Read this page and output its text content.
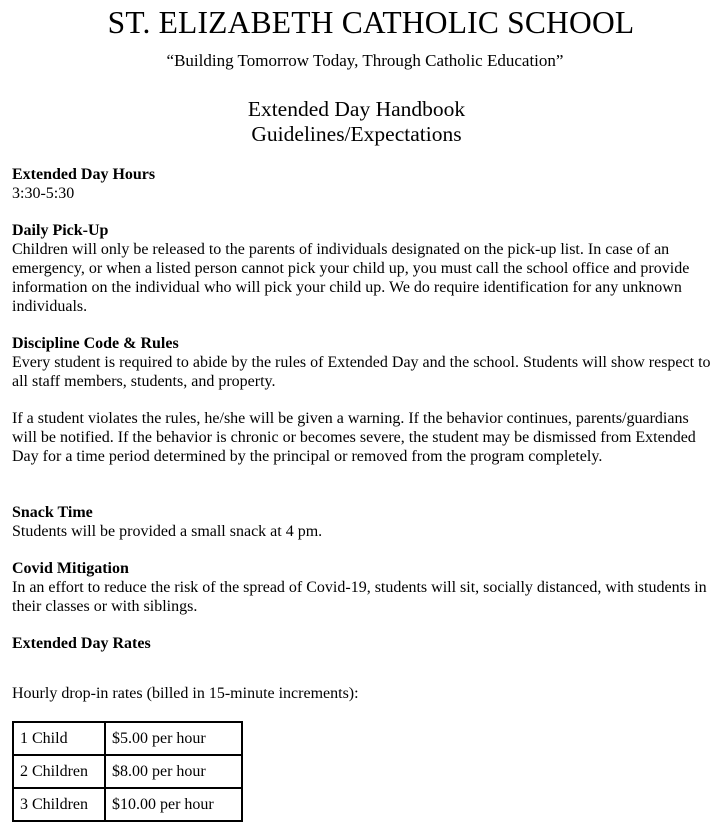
ST. ELIZABETH CATHOLIC SCHOOL
“Building Tomorrow Today, Through Catholic Education”
Extended Day Handbook
Guidelines/Expectations
Extended Day Hours
3:30-5:30
Daily Pick-Up
Children will only be released to the parents of individuals designated on the pick-up list. In case of an emergency, or when a listed person cannot pick your child up, you must call the school office and provide information on the individual who will pick your child up. We do require identification for any unknown individuals.
Discipline Code & Rules
Every student is required to abide by the rules of Extended Day and the school. Students will show respect to all staff members, students, and property.
If a student violates the rules, he/she will be given a warning. If the behavior continues, parents/guardians will be notified. If the behavior is chronic or becomes severe, the student may be dismissed from Extended Day for a time period determined by the principal or removed from the program completely.
Snack Time
Students will be provided a small snack at 4 pm.
Covid Mitigation
In an effort to reduce the risk of the spread of Covid-19, students will sit, socially distanced, with students in their classes or with siblings.
Extended Day Rates
Hourly drop-in rates (billed in 15-minute increments):
1 Child	$5.00 per hour
2 Children	$8.00 per hour
3 Children	$10.00 per hour
